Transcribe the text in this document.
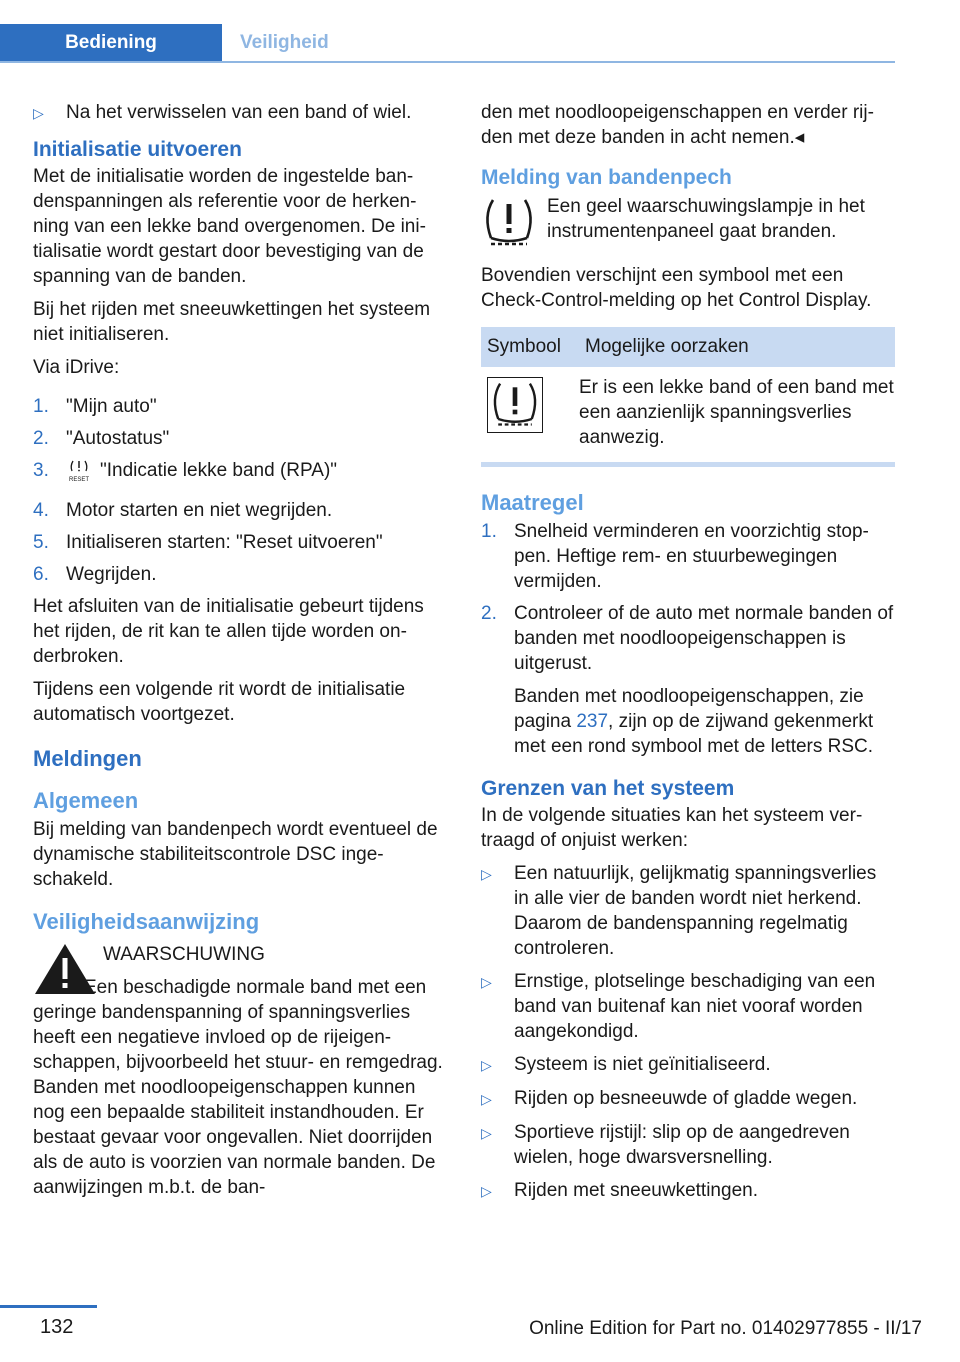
Bediening	Veiligheid
▷	Na het verwisselen van een band of wiel.
Initialisatie uitvoeren

Met de initialisatie worden de ingestelde bandenspanningen als referentie voor de herkenning van een lekke band overgenomen. De initialisatie wordt gestart door bevestiging van de spanning van de banden.

Bij het rijden met sneeuwkettingen het systeem niet initialiseren.

Via iDrive:

1. "Mijn auto"
2. "Autostatus"
3.	RESET "Indicatie lekke band (RPA)"
4. Motor starten en niet wegrijden.
5. Initialiseren starten: "Reset uitvoeren"
6. Wegrijden.

Het afsluiten van de initialisatie gebeurt tijdens het rijden, de rit kan te allen tijde worden onderbroken.

Tijdens een volgende rit wordt de initialisatie automatisch voortgezet.

Meldingen
Algemeen

Bij melding van bandenpech wordt eventueel de dynamische stabiliteitscontrole DSC ingeschakeld.

Veiligheidsaanwijzing

WAARSCHUWING

Een beschadigde normale band met een geringe bandenspanning of spanningsverlies heeft een negatieve invloed op de rijeigenschappen, bijvoorbeeld het stuur- en remgedrag. Banden met noodloopeigenschappen kunnen nog een bepaalde stabiliteit instandhouden. Er bestaat gevaar voor ongevallen. Niet doorrijden als de auto is voorzien van normale banden. De aanwijzingen m.b.t. de ban-

den met noodloopeigenschappen en verder rijden met deze banden in acht nemen.◂

Melding van bandenpech

Een geel waarschuwingslampje in het instrumentenpaneel gaat branden.

Bovendien verschijnt een symbool met een Check-Control-melding op het Control Display.

Symbool	Mogelijke oorzaken
	Er is een lekke band of een band met een aanzienlijk spanningsverlies aanwezig.
Maatregel
1. Snelheid verminderen en voorzichtig stoppen. Heftige rem- en stuurbewegingen vermijden.
2. Controleer of de auto met normale banden of banden met noodloopeigenschappen is uitgerust.

Banden met noodloopeigenschappen, zie pagina 237, zijn op de zijwand gekenmerkt met een rond symbool met de letters RSC.

Grenzen van het systeem

In de volgende situaties kan het systeem vertraagd of onjuist werken:

▷	Een natuurlijk, gelijkmatig spanningsverlies in alle vier de banden wordt niet herkend. Daarom de bandenspanning regelmatig controleren.
▷	Ernstige, plotselinge beschadiging van een band van buitenaf kan niet vooraf worden aangekondigd.
▷	Systeem is niet geïnitialiseerd.
▷	Rijden op besneeuwde of gladde wegen.
▷	Sportieve rijstijl: slip op de aangedreven wielen, hoge dwarsversnelling.
▷	Rijden met sneeuwkettingen.
132	Online Edition for Part no. 01402977855 - II/17
